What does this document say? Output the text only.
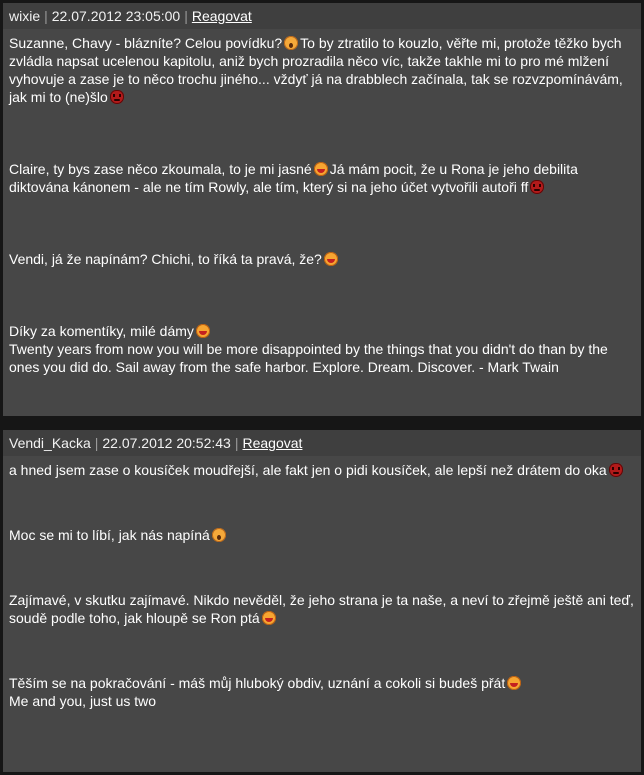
wixie | 22.07.2012 23:05:00 | Reagovat

Suzanne, Chavy - blázníte? Celou povídku? To by ztratilo to kouzlo, věřte mi, protože těžko bych zvládla napsat ucelenou kapitolu, aniž bych prozradila něco víc, takže takhle mi to pro mé mlžení vyhovuje a zase je to něco trochu jiného... vždyť já na drabblech začínala, tak se rozvzpomínávám, jak mi to (ne)šlo

Claire, ty bys zase něco zkoumala, to je mi jasné Já mám pocit, že u Rona je jeho debilita diktována kánonem - ale ne tím Rowly, ale tím, který si na jeho účet vytvořili autoři ff

Vendi, já že napínám? Chichi, to říká ta pravá, že?

Díky za komentíky, milé dámy

Twenty years from now you will be more disappointed by the things that you didn't do than by the ones you did do. Sail away from the safe harbor. Explore. Dream. Discover. - Mark Twain

Vendi_Kacka | 22.07.2012 20:52:43 | Reagovat

a hned jsem zase o kousíček moudřejší, ale fakt jen o pidi kousíček, ale lepší než drátem do oka

Moc se mi to líbí, jak nás napíná

Zajímavé, v skutku zajímavé. Nikdo nevěděl, že jeho strana je ta naše, a neví to zřejmě ještě ani teď, soudě podle toho, jak hloupě se Ron ptá

Těším se na pokračování - máš můj hluboký obdiv, uznání a cokoli si budeš přát

Me and you, just us two
